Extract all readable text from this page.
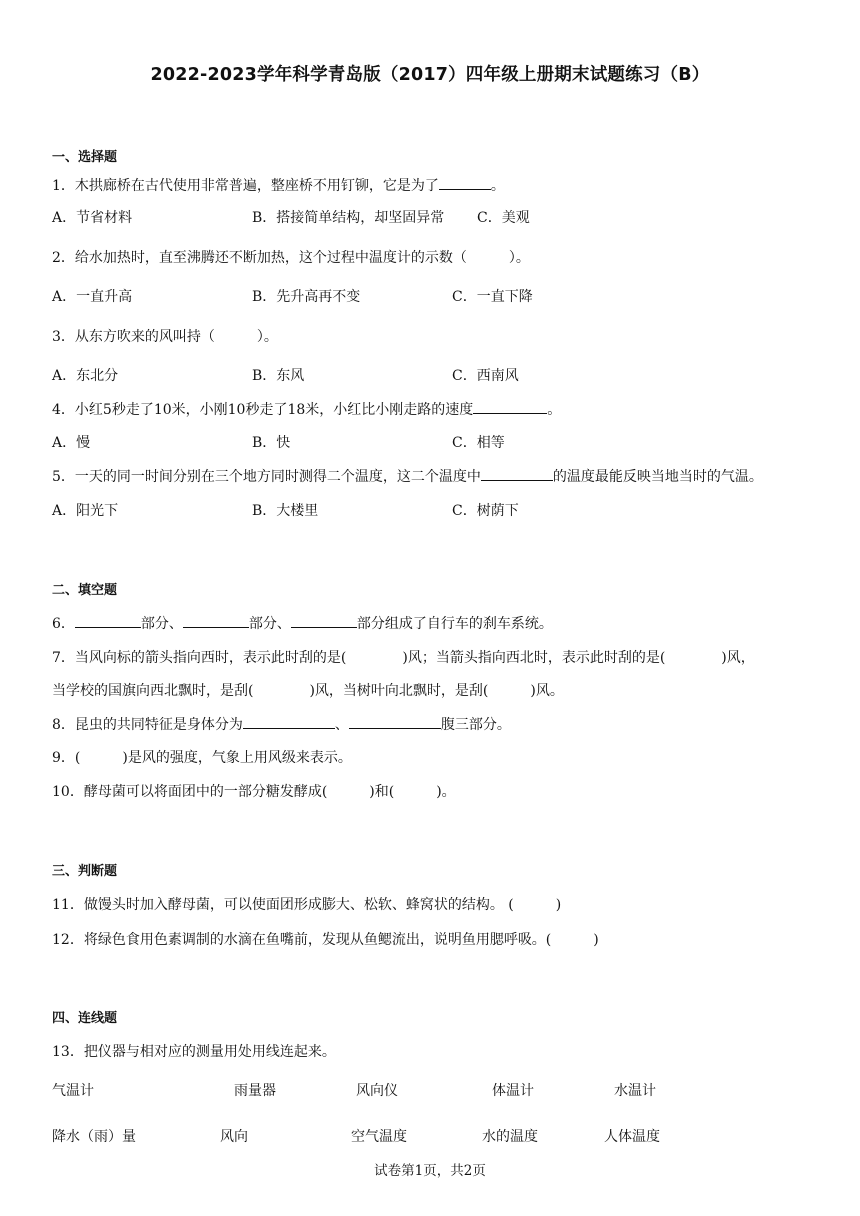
2022-2023学年科学青岛版（2017）四年级上册期末试题练习（B）
一、选择题
1．木拱廊桥在古代使用非常普遍，整座桥不用钉铆，它是为了	。
A．节省材料	B．搭接简单结构，却坚固异常 C．美观
2．给水加热时，直至沸腾还不断加热，这个过程中温度计的示数（　　　）。
A．一直升高	B．先升高再不变	C．一直下降
3．从东方吹来的风叫持（　　　）。
A．东北分	B．东风	C．西南风
4．小红5秒走了10米，小刚10秒走了18米，小红比小刚走路的速度	。
A．慢	B．快	C．相等
5．一天的同一时间分别在三个地方同时测得二个温度，这二个温度中	的温度最能反映当地当时的气温。
A．阳光下	B．大楼里	C．树荫下
二、填空题
6．	部分、	部分、	部分组成了自行车的刹车系统。
7．当风向标的箭头指向西时，表示此时刮的是(　　　　)风；当箭头指向西北时，表示此时刮的是(　　　　)风，
当学校的国旗向西北飘时，是刮(　　　　)风，当树叶向北飘时，是刮(　　　)风。
8．昆虫的共同特征是身体分为	、	腹三部分。
9．(　　　)是风的强度，气象上用风级来表示。
10．酵母菌可以将面团中的一部分糖发酵成(　　　)和(　　　)。
三、判断题
11．做馒头时加入酵母菌，可以使面团形成膨大、松软、蜂窝状的结构。 (　　　)
12．将绿色食用色素调制的水滴在鱼嘴前，发现从鱼鳃流出，说明鱼用腮呼吸。(　　　)
四、连线题
13．把仪器与相对应的测量用处用线连起来。
气温计	雨量器	风向仪	体温计	水温计
降水（雨）量	风向	空气温度	水的温度	人体温度
试卷第1页，共2页
